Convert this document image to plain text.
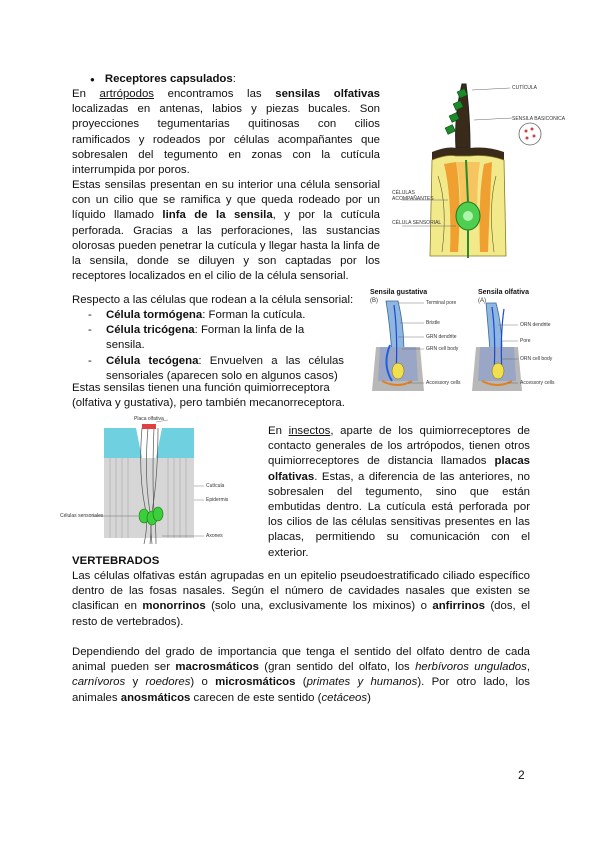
● Receptores capsulados:
En artrópodos encontramos las sensilas olfativas localizadas en antenas, labios y piezas bucales. Son proyecciones tegumentarias quitinosas con cilios ramificados y rodeados por células acompañantes que sobresalen del tegumento en zonas con la cutícula interrumpida por poros.
Estas sensilas presentan en su interior una célula sensorial con un cilio que se ramifica y que queda rodeado por un líquido llamado linfa de la sensila, y por la cutícula perforada. Gracias a las perforaciones, las sustancias olorosas pueden penetrar la cutícula y llegar hasta la linfa de la sensila, donde se diluyen y son captadas por los receptores localizados en el cilio de la célula sensorial.
Respecto a las células que rodean a la célula sensorial:
- Célula tormógena: Forman la cutícula.
- Célula tricógena: Forman la linfa de la sensila.
- Célula tecógena: Envuelven a las células sensoriales (aparecen solo en algunos casos)
Estas sensilas tienen una función quimiorreceptora (olfativa y gustativa), pero también mecanorreceptora.
En insectos, aparte de los quimiorreceptores de contacto generales de los artrópodos, tienen otros quimiorreceptores de distancia llamados placas olfativas. Estas, a diferencia de las anteriores, no sobresalen del tegumento, sino que están embutidas dentro. La cutícula está perforada por los cilios de las células sensitivas presentes en las placas, permitiendo su comunicación con el exterior.
VERTEBRADOS
Las células olfativas están agrupadas en un epitelio pseudoestratificado ciliado específico dentro de las fosas nasales. Según el número de cavidades nasales que existen se clasifican en monorrinos (solo una, exclusivamente los mixinos) o anfirrinos (dos, el resto de vertebrados).
Dependiendo del grado de importancia que tenga el sentido del olfato dentro de cada animal pueden ser macrosmáticos (gran sentido del olfato, los herbívoros ungulados, carnívoros y roedores) o microsmáticos (primates y humanos). Por otro lado, los animales anosmáticos carecen de este sentido (cetáceos)
2
CUTÍCULA
SENSILA BASICONICA
CÉLULAS ACOMPAÑANTES
CÉLULA SENSORIAL
Sensila gustativa	Sensila olfativa
(B)	(A)
Terminal pore
Bristle
GRN dendrite
GRN cell body
Accessory cells
ORN dendrite
Pore
ORN cell body
Accessory cells
Placa olfativa
Cutícula
Epidermis
Células sensoriales
Axones
